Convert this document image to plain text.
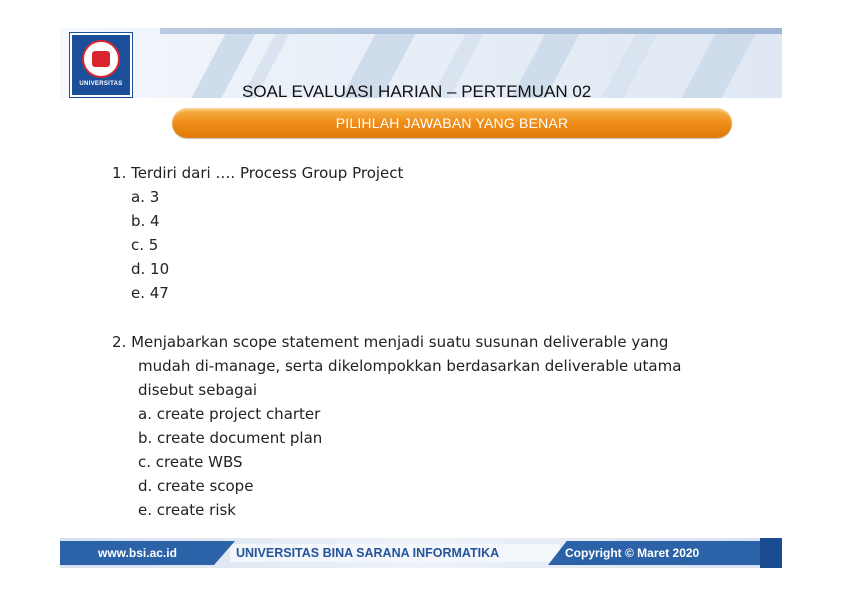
UNIVERSITAS	SOAL EVALUASI HARIAN – PERTEMUAN 02
PILIHLAH JAWABAN YANG BENAR
1. Terdiri dari …. Process Group Project
a. 3
b. 4
c. 5
d. 10
e. 47
2. Menjabarkan scope statement menjadi suatu susunan deliverable yang
mudah di-manage, serta dikelompokkan berdasarkan deliverable utama
disebut sebagai
a. create project charter
b. create document plan
c. create WBS
d. create scope
e. create risk
www.bsi.ac.id	UNIVERSITAS BINA SARANA INFORMATIKA	Copyright © Maret 2020
